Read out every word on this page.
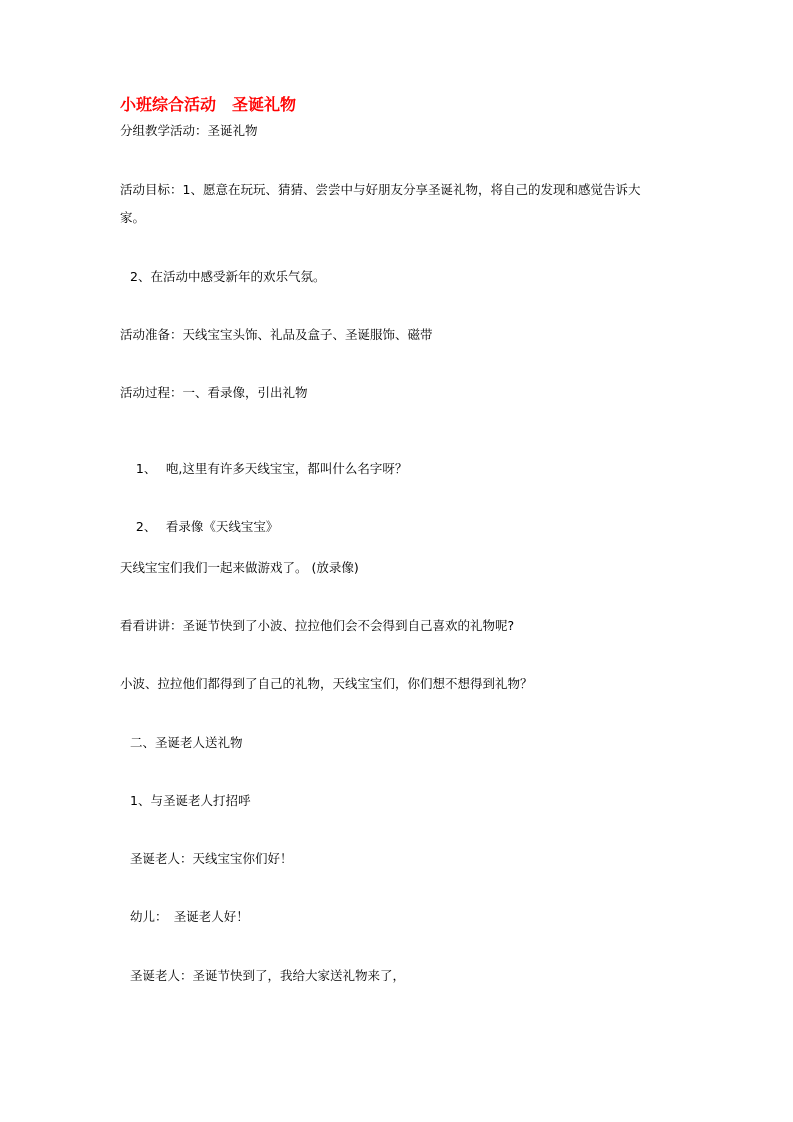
小班综合活动　圣诞礼物
分组教学活动：圣诞礼物
活动目标：1、愿意在玩玩、猜猜、尝尝中与好朋友分享圣诞礼物，将自己的发现和感觉告诉大
家。
2、在活动中感受新年的欢乐气氛。
活动准备：天线宝宝头饰、礼品及盒子、圣诞服饰、磁带
活动过程：一、看录像，引出礼物

1、 咆,这里有许多天线宝宝，都叫什么名字呀？

2、 看录像《天线宝宝》

天线宝宝们我们一起来做游戏了。 (放录像)
看看讲讲：圣诞节快到了小波、拉拉他们会不会得到自己喜欢的礼物呢?
小波、拉拉他们都得到了自己的礼物，天线宝宝们，你们想不想得到礼物？
二、圣诞老人送礼物
1、与圣诞老人打招呼
圣诞老人：天线宝宝你们好！
幼儿：　圣诞老人好！
圣诞老人：圣诞节快到了，我给大家送礼物来了，
